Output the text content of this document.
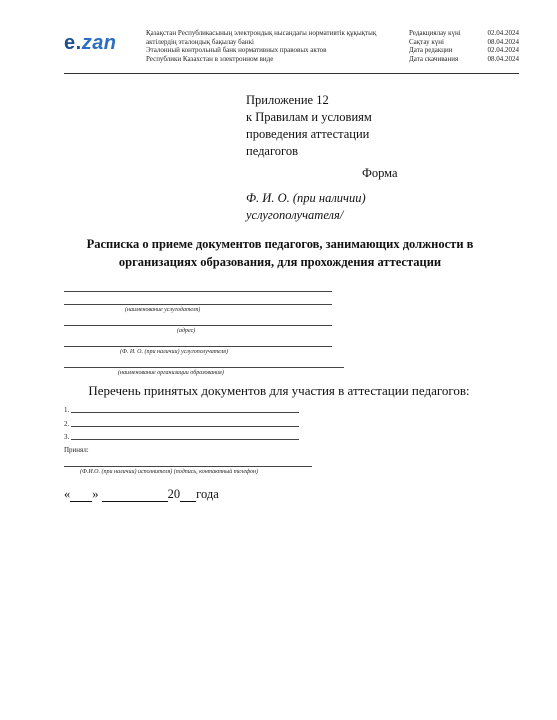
e.zan	Қазақстан Республикасының электрондық нысандағы нормативтік құқықтық
актілердің эталондық бақылау банкі
Эталонный контрольный банк нормативных правовых актов
Республики Казахстан в электронном виде
Редакциялау күні	02.04.2024
Сақтау күні	08.04.2024
Дата редакции	02.04.2024
Дата скачивания	08.04.2024
Приложение 12
к Правилам и условиям
проведения аттестации
педагогов
Форма
Ф. И. О. (при наличии)
услугополучателя/
Расписка о приеме документов педагогов, занимающих должности в организациях образования, для прохождения аттестации
(наименование услугодателя)
(адрес)
(Ф. И. О. (при наличии) услугополучателя)
(наименование организации образования)
Перечень принятых документов для участия в аттестации педагогов:
1.
2.
3.
Принял:
(Ф.И.О. (при наличии) исполнителя) (подпись, контактный телефон)
« »	20 года
